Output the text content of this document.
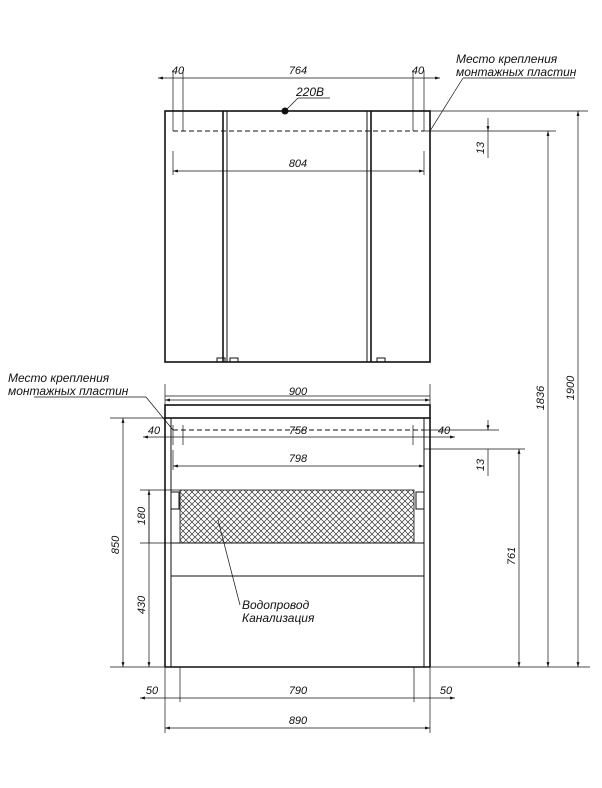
40	764	40
804
13
220В
Место крепления
монтажных пластин
900
40	758	40
798	13
850
180
430
761
1836 1900
50	790	50
890
Место крепления
монтажных пластин
Водопровод
Канализация
